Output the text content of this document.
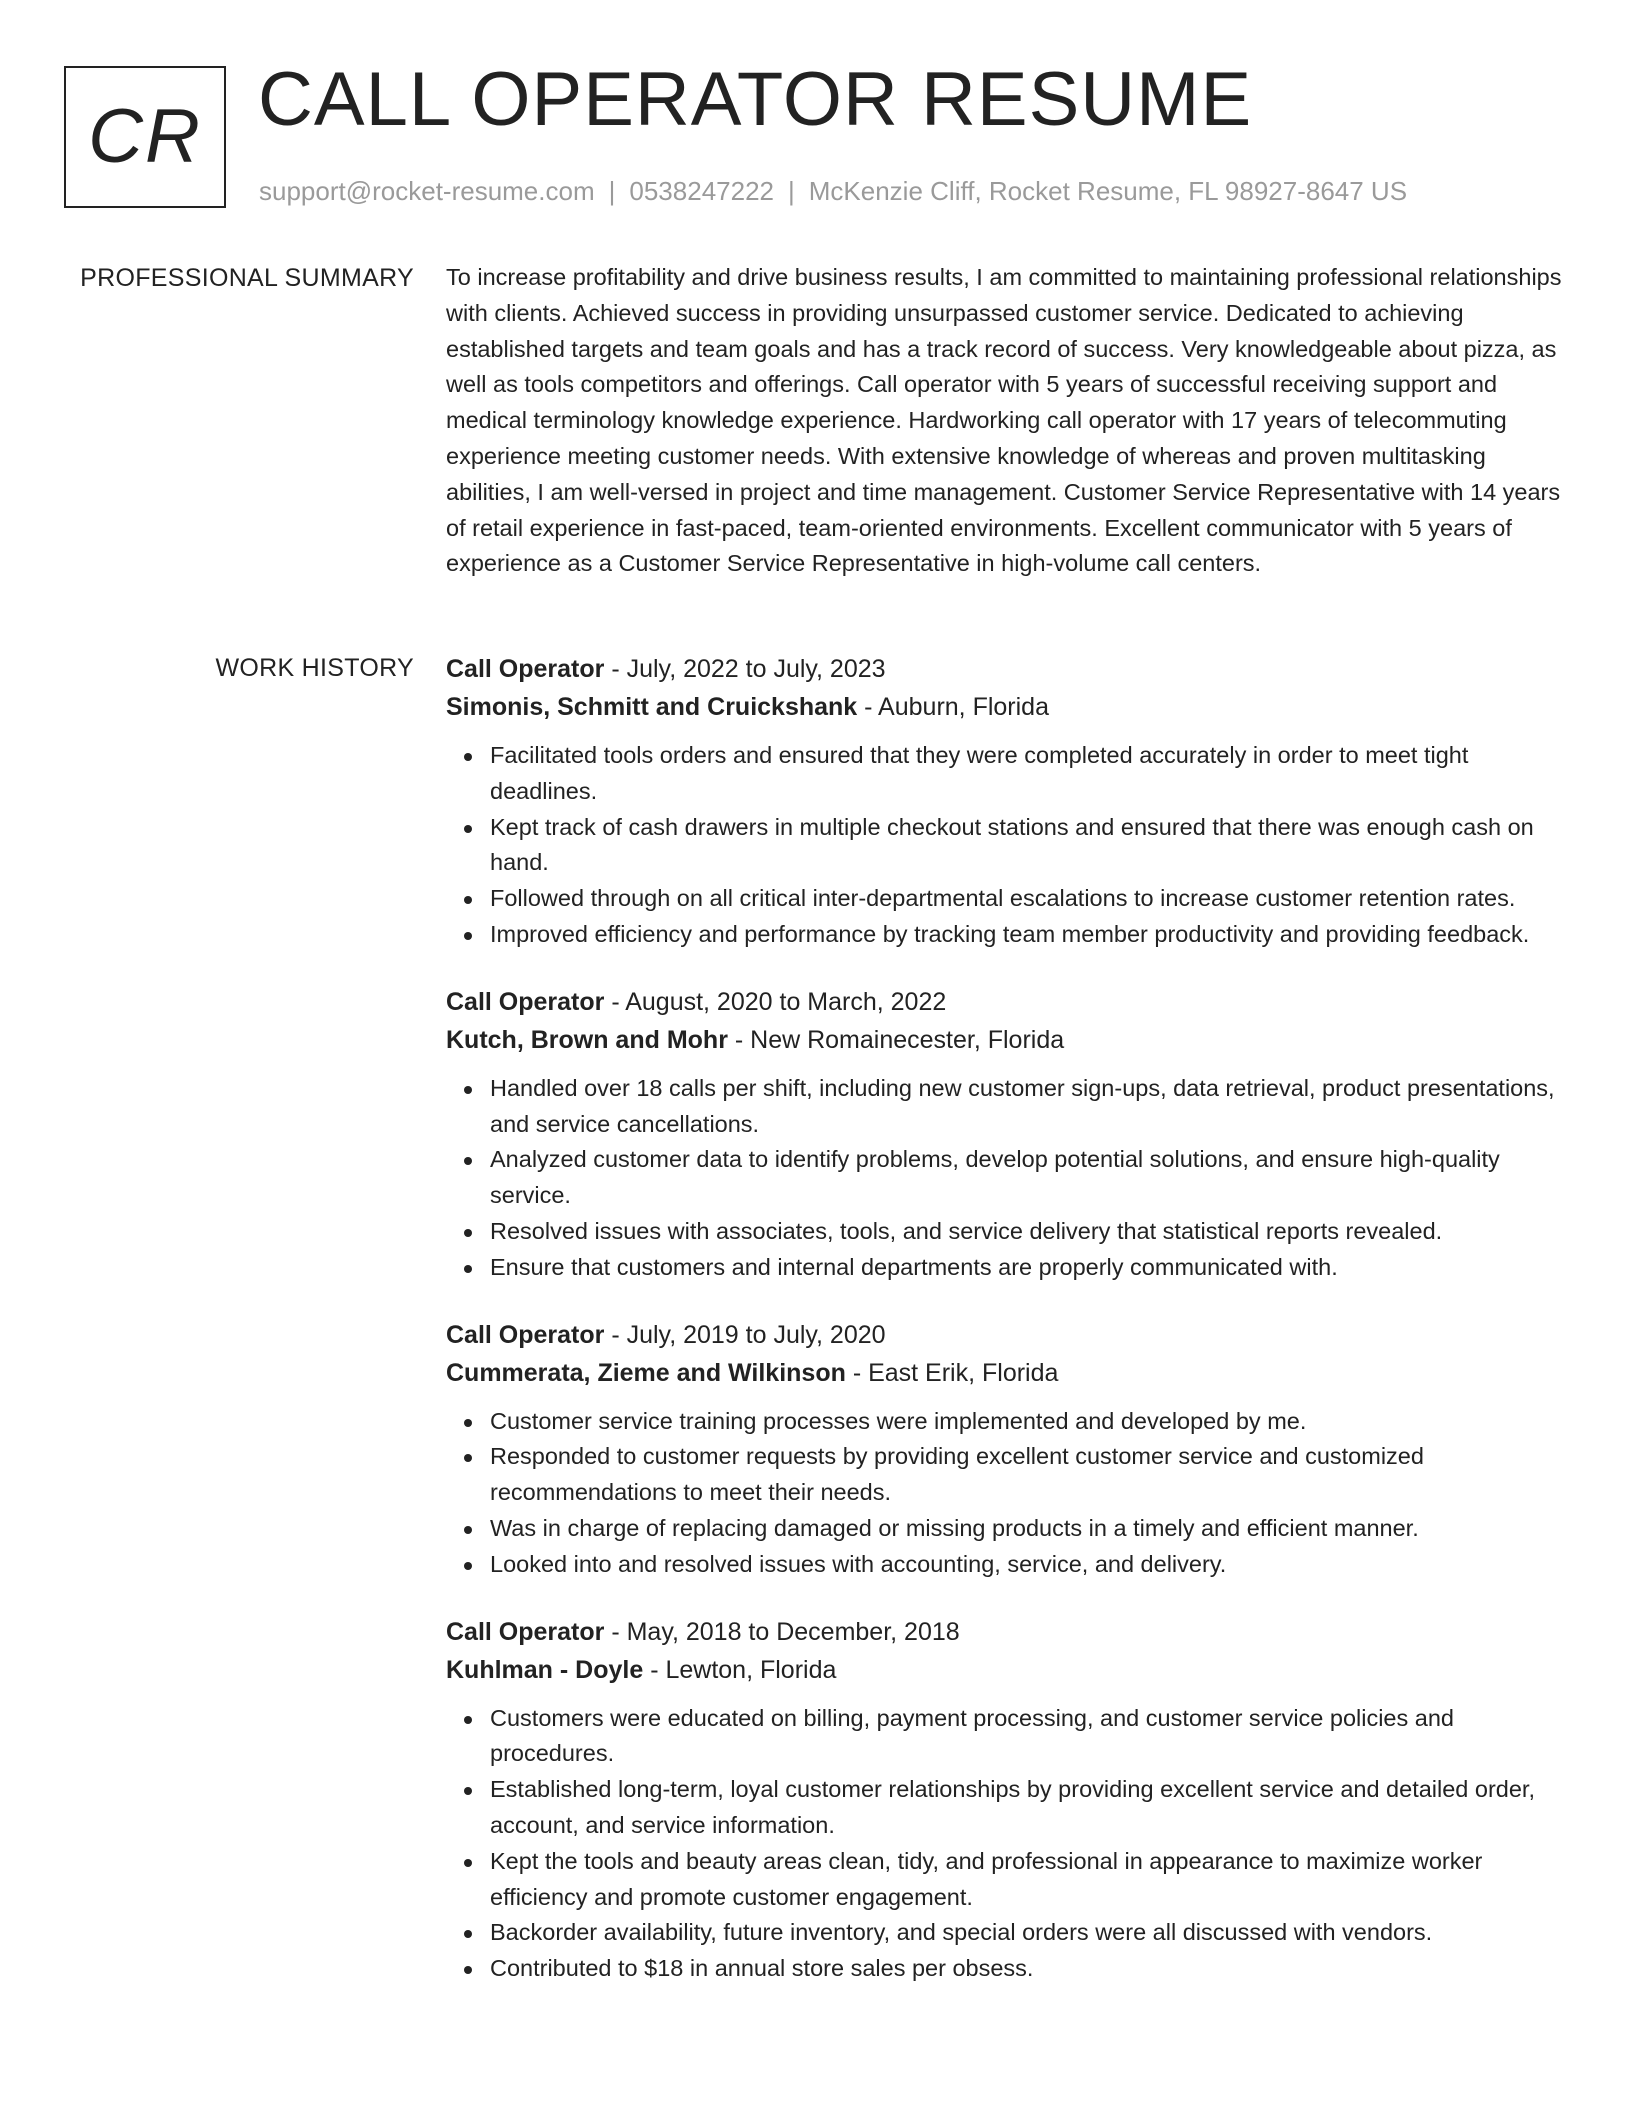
CR CALL OPERATOR RESUME
support@rocket-resume.com | 0538247222 | McKenzie Cliff, Rocket Resume, FL 98927-8647 US
PROFESSIONAL SUMMARY To increase profitability and drive business results, I am committed to maintaining professional relationships with clients. Achieved success in providing unsurpassed customer service. Dedicated to achieving established targets and team goals and has a track record of success. Very knowledgeable about pizza, as well as tools competitors and offerings. Call operator with 5 years of successful receiving support and medical terminology knowledge experience. Hardworking call operator with 17 years of telecommuting experience meeting customer needs. With extensive knowledge of whereas and proven multitasking abilities, I am well-versed in project and time management. Customer Service Representative with 14 years of retail experience in fast-paced, team-oriented environments. Excellent communicator with 5 years of experience as a Customer Service Representative in high-volume call centers.

WORK HISTORY Call Operator - July, 2022 to July, 2023
Simonis, Schmitt and Cruickshank - Auburn, Florida
Facilitated tools orders and ensured that they were completed accurately in order to meet tight deadlines.
Kept track of cash drawers in multiple checkout stations and ensured that there was enough cash on hand.
Followed through on all critical inter-departmental escalations to increase customer retention rates.
Improved efficiency and performance by tracking team member productivity and providing feedback.
Call Operator - August, 2020 to March, 2022
Kutch, Brown and Mohr - New Romainecester, Florida
Handled over 18 calls per shift, including new customer sign-ups, data retrieval, product presentations, and service cancellations.
Analyzed customer data to identify problems, develop potential solutions, and ensure high-quality service.
Resolved issues with associates, tools, and service delivery that statistical reports revealed.
Ensure that customers and internal departments are properly communicated with.
Call Operator - July, 2019 to July, 2020
Cummerata, Zieme and Wilkinson - East Erik, Florida
Customer service training processes were implemented and developed by me.
Responded to customer requests by providing excellent customer service and customized recommendations to meet their needs.
Was in charge of replacing damaged or missing products in a timely and efficient manner.
Looked into and resolved issues with accounting, service, and delivery.
Call Operator - May, 2018 to December, 2018
Kuhlman - Doyle - Lewton, Florida
Customers were educated on billing, payment processing, and customer service policies and procedures.
Established long-term, loyal customer relationships by providing excellent service and detailed order, account, and service information.
Kept the tools and beauty areas clean, tidy, and professional in appearance to maximize worker efficiency and promote customer engagement.
Backorder availability, future inventory, and special orders were all discussed with vendors.
Contributed to $18 in annual store sales per obsess.
